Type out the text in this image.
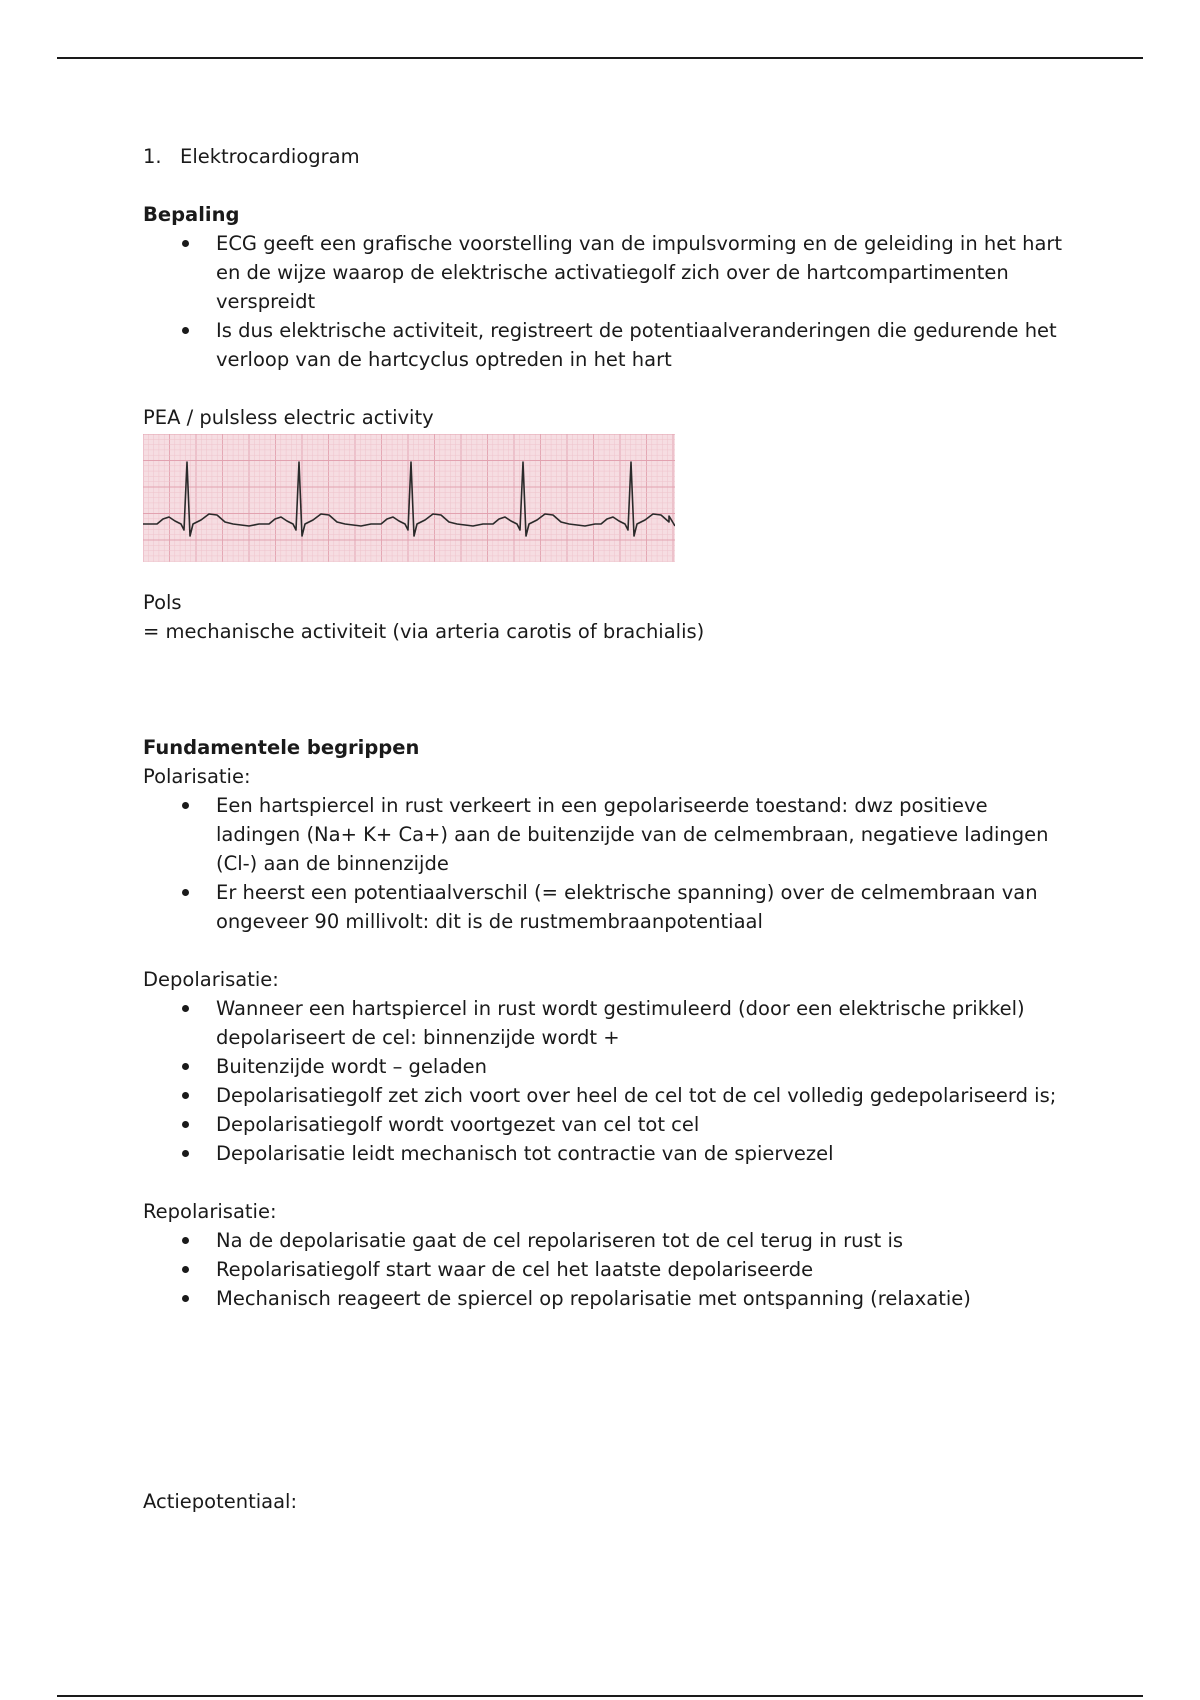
1. Elektrocardiogram

Bepaling

ECG geeft een grafische voorstelling van de impulsvorming en de geleiding in het hart en de wijze waarop de elektrische activatiegolf zich over de hartcompartimenten verspreidt
Is dus elektrische activiteit, registreert de potentiaalveranderingen die gedurende het verloop van de hartcyclus optreden in het hart

PEA / pulsless electric activity

Pols

= mechanische activiteit (via arteria carotis of brachialis)

Fundamentele begrippen

Polarisatie:

Een hartspiercel in rust verkeert in een gepolariseerde toestand: dwz positieve ladingen (Na+ K+ Ca+) aan de buitenzijde van de celmembraan, negatieve ladingen (Cl-) aan de binnenzijde
Er heerst een potentiaalverschil (= elektrische spanning) over de celmembraan van ongeveer 90 millivolt: dit is de rustmembraanpotentiaal

Depolarisatie:

Wanneer een hartspiercel in rust wordt gestimuleerd (door een elektrische prikkel) depolariseert de cel: binnenzijde wordt +
Buitenzijde wordt – geladen
Depolarisatiegolf zet zich voort over heel de cel tot de cel volledig gedepolariseerd is;
Depolarisatiegolf wordt voortgezet van cel tot cel
Depolarisatie leidt mechanisch tot contractie van de spiervezel

Repolarisatie:

Na de depolarisatie gaat de cel repolariseren tot de cel terug in rust is
Repolarisatiegolf start waar de cel het laatste depolariseerde
Mechanisch reageert de spiercel op repolarisatie met ontspanning (relaxatie)

Actiepotentiaal:
